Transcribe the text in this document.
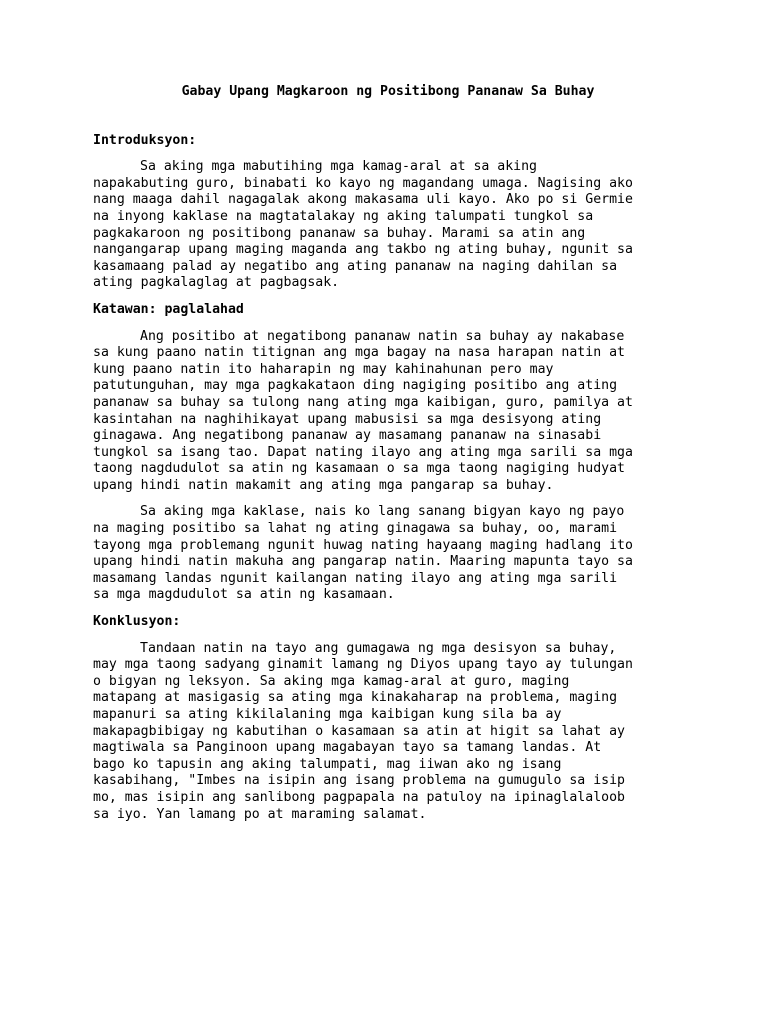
Gabay Upang Magkaroon ng Positibong Pananaw Sa Buhay
Introduksyon:
Sa aking mga mabutihing mga kamag-aral at sa aking
napakabuting guro, binabati ko kayo ng magandang umaga. Nagising ako
nang maaga dahil nagagalak akong makasama uli kayo. Ako po si Germie
na inyong kaklase na magtatalakay ng aking talumpati tungkol sa
pagkakaroon ng positibong pananaw sa buhay. Marami sa atin ang
nangangarap upang maging maganda ang takbo ng ating buhay, ngunit sa
kasamaang palad ay negatibo ang ating pananaw na naging dahilan sa
ating pagkalaglag at pagbagsak.
Katawan: paglalahad
Ang positibo at negatibong pananaw natin sa buhay ay nakabase
sa kung paano natin titignan ang mga bagay na nasa harapan natin at
kung paano natin ito haharapin ng may kahinahunan pero may
patutunguhan, may mga pagkakataon ding nagiging positibo ang ating
pananaw sa buhay sa tulong nang ating mga kaibigan, guro, pamilya at
kasintahan na naghihikayat upang mabusisi sa mga desisyong ating
ginagawa. Ang negatibong pananaw ay masamang pananaw na sinasabi
tungkol sa isang tao. Dapat nating ilayo ang ating mga sarili sa mga
taong nagdudulot sa atin ng kasamaan o sa mga taong nagiging hudyat
upang hindi natin makamit ang ating mga pangarap sa buhay.
Sa aking mga kaklase, nais ko lang sanang bigyan kayo ng payo
na maging positibo sa lahat ng ating ginagawa sa buhay, oo, marami
tayong mga problemang ngunit huwag nating hayaang maging hadlang ito
upang hindi natin makuha ang pangarap natin. Maaring mapunta tayo sa
masamang landas ngunit kailangan nating ilayo ang ating mga sarili
sa mga magdudulot sa atin ng kasamaan.
Konklusyon:
Tandaan natin na tayo ang gumagawa ng mga desisyon sa buhay,
may mga taong sadyang ginamit lamang ng Diyos upang tayo ay tulungan
o bigyan ng leksyon. Sa aking mga kamag-aral at guro, maging
matapang at masigasig sa ating mga kinakaharap na problema, maging
mapanuri sa ating kikilalaning mga kaibigan kung sila ba ay
makapagbibigay ng kabutihan o kasamaan sa atin at higit sa lahat ay
magtiwala sa Panginoon upang magabayan tayo sa tamang landas. At
bago ko tapusin ang aking talumpati, mag iiwan ako ng isang
kasabihang, "Imbes na isipin ang isang problema na gumugulo sa isip
mo, mas isipin ang sanlibong pagpapala na patuloy na ipinaglalaloob
sa iyo. Yan lamang po at maraming salamat.
